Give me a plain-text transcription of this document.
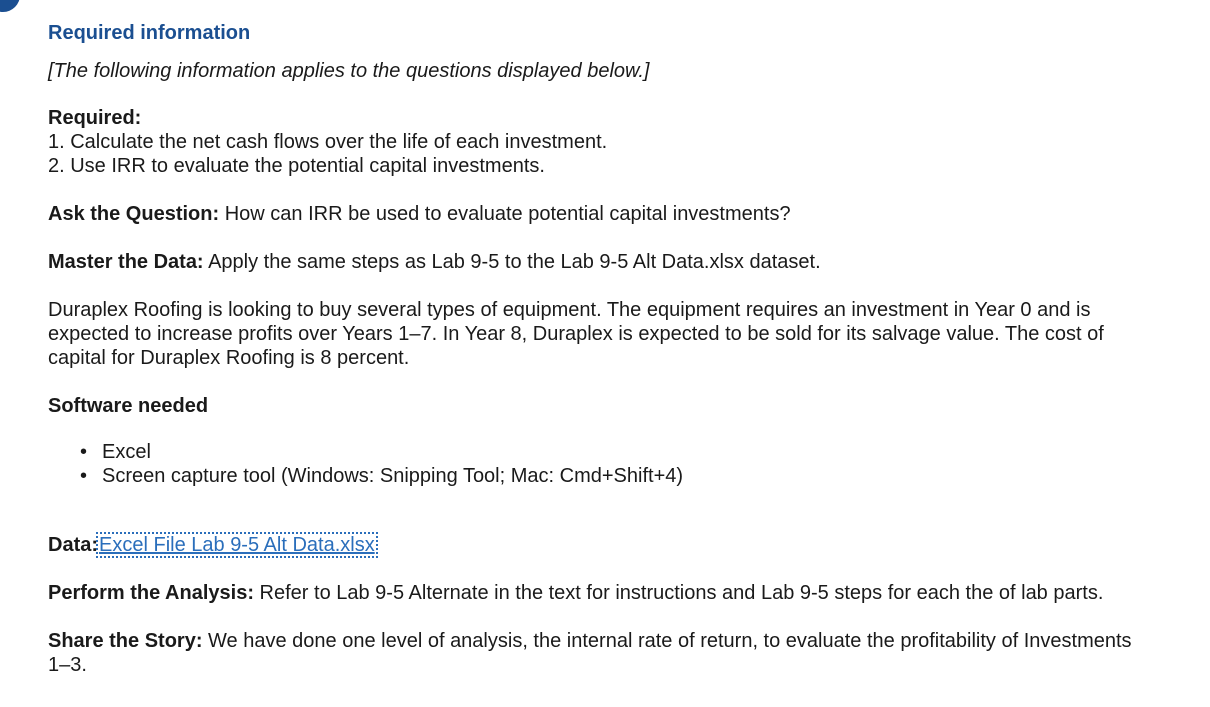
Required information
[The following information applies to the questions displayed below.]
Required:
1. Calculate the net cash flows over the life of each investment.
2. Use IRR to evaluate the potential capital investments.
Ask the Question: How can IRR be used to evaluate potential capital investments?
Master the Data: Apply the same steps as Lab 9-5 to the Lab 9-5 Alt Data.xlsx dataset.
Duraplex Roofing is looking to buy several types of equipment. The equipment requires an investment in Year 0 and is
expected to increase profits over Years 1–7. In Year 8, Duraplex is expected to be sold for its salvage value. The cost of
capital for Duraplex Roofing is 8 percent.
Software needed
• Excel
• Screen capture tool (Windows: Snipping Tool; Mac: Cmd+Shift+4)
Data:Excel File Lab 9-5 Alt Data.xlsx
Perform the Analysis: Refer to Lab 9-5 Alternate in the text for instructions and Lab 9-5 steps for each the of lab parts.
Share the Story: We have done one level of analysis, the internal rate of return, to evaluate the profitability of Investments
1–3.
